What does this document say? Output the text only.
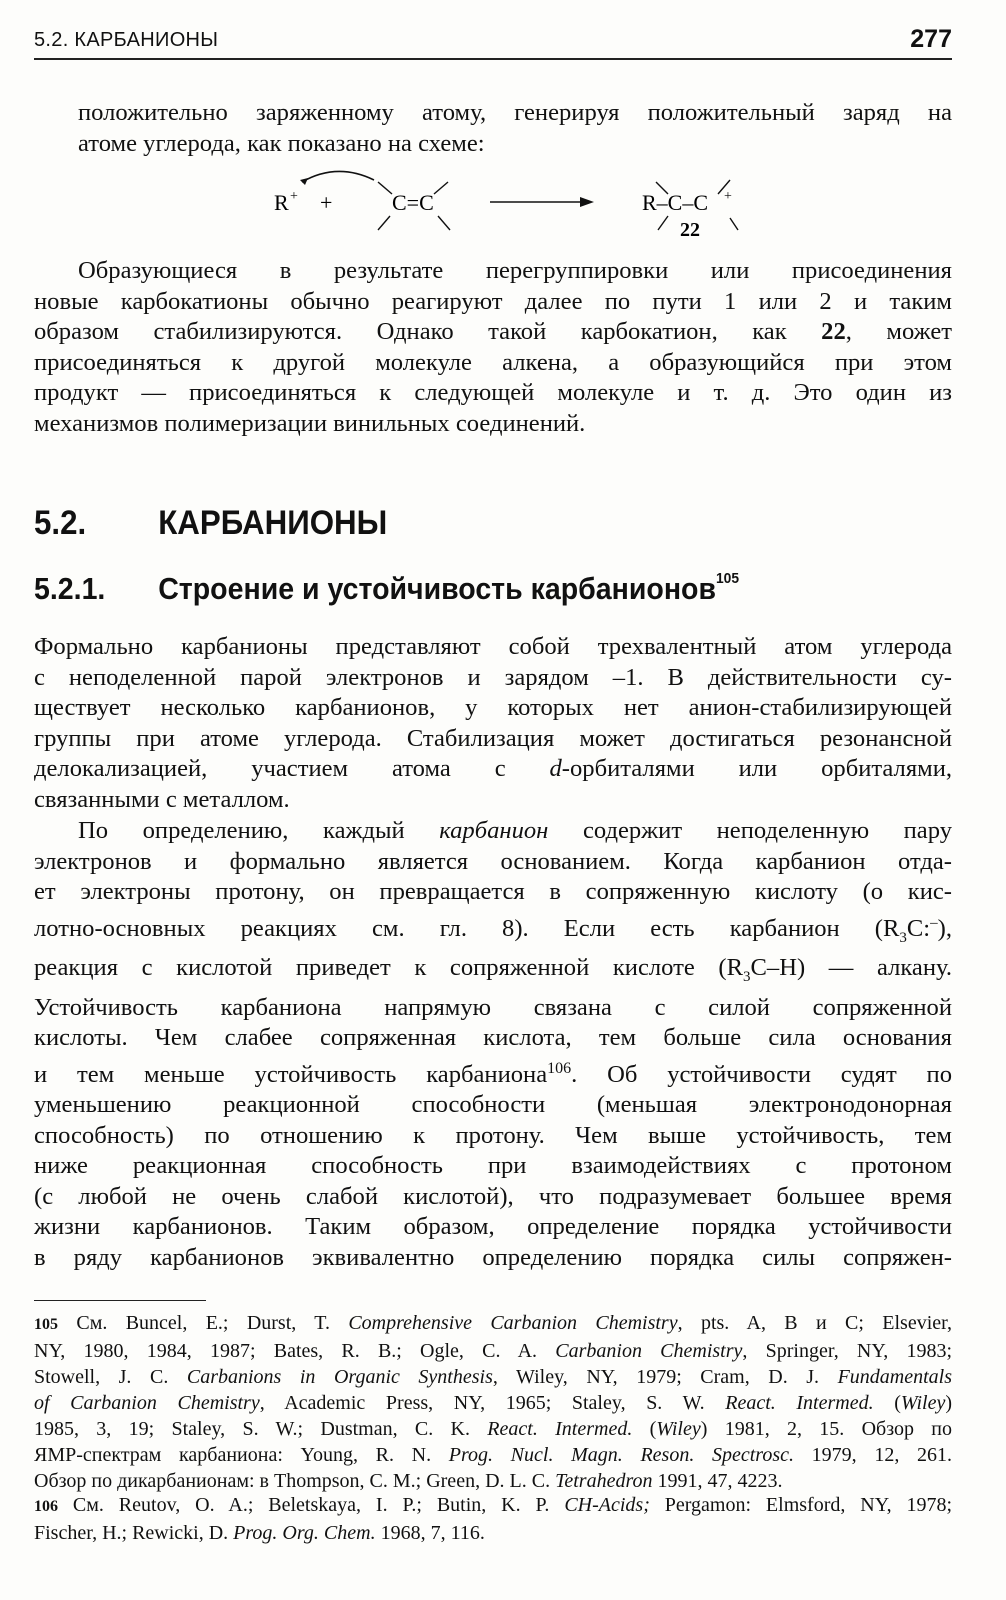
5.2. КАРБАНИОНЫ	277
положительно заряженному атому, генерируя положительный заряд на
атоме углерода, как показано на схеме:
R + +	C=C	R–C–C +
22
Образующиеся в результате перегруппировки или присоединения
новые карбокатионы обычно реагируют далее по пути 1 или 2 и таким
образом стабилизируются. Однако такой карбокатион, как 22, может
присоединяться к другой молекуле алкена, а образующийся при этом
продукт — присоединяться к следующей молекуле и т. д. Это один из
механизмов полимеризации винильных соединений.
5.2. КАРБАНИОНЫ
5.2.1. Строение и устойчивость карбанионов$^{105}$
Формально карбанионы представляют собой трехвалентный атом углерода
с неподеленной парой электронов и зарядом –1. В действительности су-
ществует несколько карбанионов, у которых нет анион-стабилизирующей
группы при атоме углерода. Стабилизация может достигаться резонансной
делокализацией, участием атома с d-орбиталями или орбиталями,
связанными с металлом.
По определению, каждый карбанион содержит неподеленную пару
электронов и формально является основанием. Когда карбанион отда-
ет электроны протону, он превращается в сопряженную кислоту (о кис-
лотно-основных реакциях см. гл. 8). Если есть карбанион $(R_3C:^-)$,
реакция с кислотой приведет к сопряженной кислоте $(R_3C-H)$ — алкану.
Устойчивость карбаниона напрямую связана с силой сопряженной
кислоты. Чем слабее сопряженная кислота, тем больше сила основания
и тем меньше устойчивость карбаниона$^{106}$. Об устойчивости судят по
уменьшению реакционной способности (меньшая электронодонорная
способность) по отношению к протону. Чем выше устойчивость, тем
ниже реакционная способность при взаимодействиях с протоном
(с любой не очень слабой кислотой), что подразумевает большее время
жизни карбанионов. Таким образом, определение порядка устойчивости
в ряду карбанионов эквивалентно определению порядка силы сопряжен-
105 См. Buncel, E.; Durst, T. Comprehensive Carbanion Chemistry, pts. A, B и C; Elsevier,
NY, 1980, 1984, 1987; Bates, R. B.; Ogle, C. A. Carbanion Chemistry, Springer, NY, 1983;
Stowell, J. C. Carbanions in Organic Synthesis, Wiley, NY, 1979; Cram, D. J. Fundamentals
of Carbanion Chemistry, Academic Press, NY, 1965; Staley, S. W. React. Intermed. (Wiley)
1985, 3, 19; Staley, S. W.; Dustman, C. K. React. Intermed. (Wiley) 1981, 2, 15. Обзор по
ЯМР-спектрам карбаниона: Young, R. N. Prog. Nucl. Magn. Reson. Spectrosc. 1979, 12, 261.
Обзор по дикарбанионам: в Thompson, C. M.; Green, D. L. C. Tetrahedron 1991, 47, 4223.
106 См. Reutov, O. A.; Beletskaya, I. P.; Butin, K. P. CH-Acids; Pergamon: Elmsford, NY, 1978;
Fischer, H.; Rewicki, D. Prog. Org. Chem. 1968, 7, 116.
